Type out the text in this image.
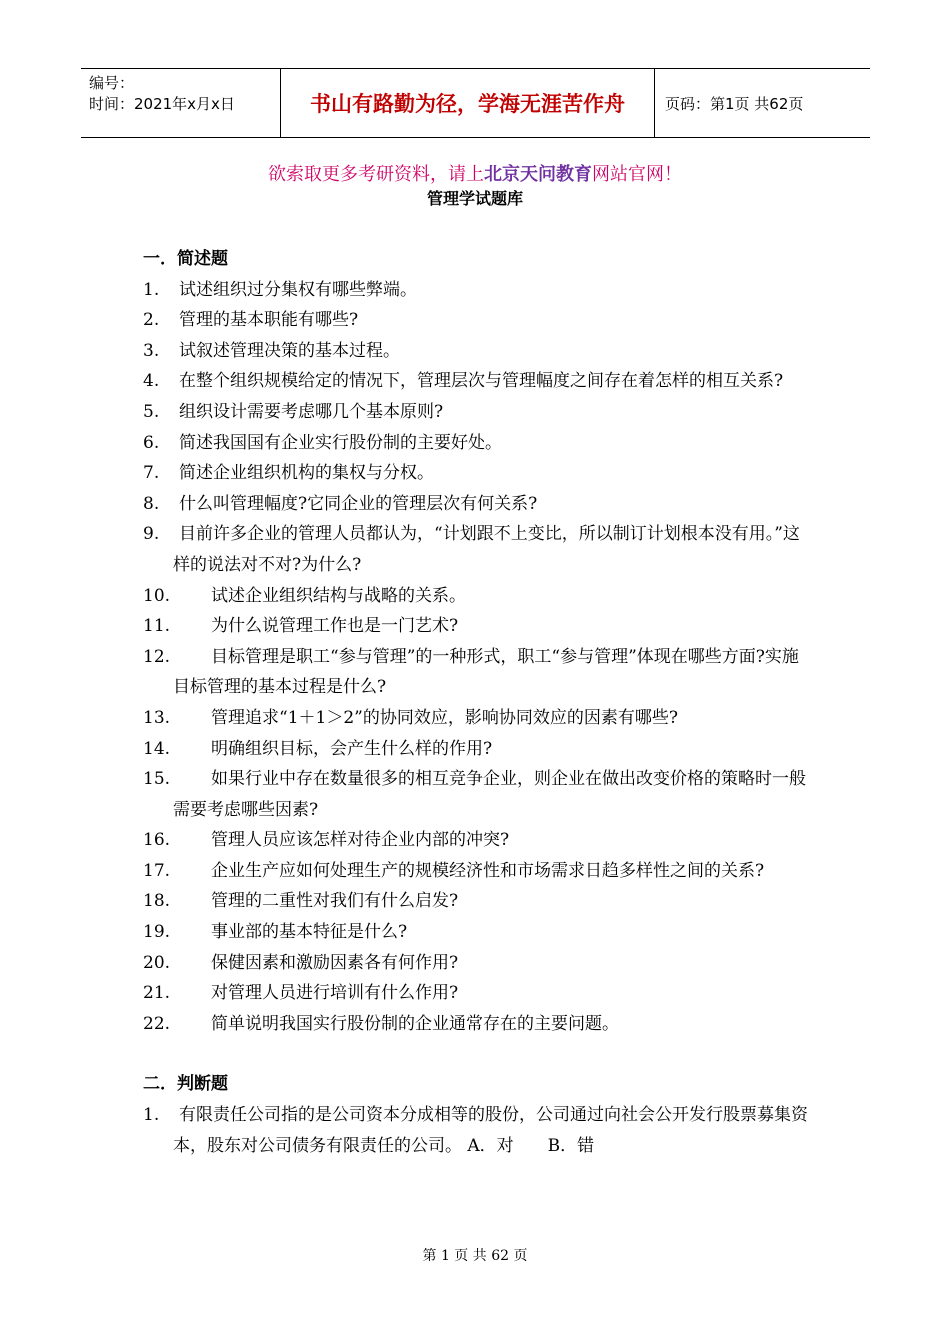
编号：
时间：2021年x月x日	书山有路勤为径，学海无涯苦作舟	页码：第1页 共62页
欲索取更多考研资料，请上北京天问教育网站官网！
管理学试题库

一．简述题

1. 试述组织过分集权有哪些弊端。

2. 管理的基本职能有哪些?

3. 试叙述管理决策的基本过程。

4. 在整个组织规模给定的情况下，管理层次与管理幅度之间存在着怎样的相互关系?

5. 组织设计需要考虑哪几个基本原则?

6. 简述我国国有企业实行股份制的主要好处。

7. 简述企业组织机构的集权与分权。

8. 什么叫管理幅度?它同企业的管理层次有何关系?

9. 目前许多企业的管理人员都认为，“计划跟不上变比，所以制订计划根本没有用。”这样的说法对不对?为什么?

10. 试述企业组织结构与战略的关系。

11. 为什么说管理工作也是一门艺术?

12. 目标管理是职工“参与管理”的一种形式，职工“参与管理”体现在哪些方面?实施目标管理的基本过程是什么?

13. 管理追求“1＋1＞2”的协同效应，影响协同效应的因素有哪些?

14. 明确组织目标，会产生什么样的作用?

15. 如果行业中存在数量很多的相互竞争企业，则企业在做出改变价格的策略时一般需要考虑哪些因素?

16. 管理人员应该怎样对待企业内部的冲突?

17. 企业生产应如何处理生产的规模经济性和市场需求日趋多样性之间的关系?

18. 管理的二重性对我们有什么启发?

19. 事业部的基本特征是什么?

20. 保健因素和激励因素各有何作用?

21. 对管理人员进行培训有什么作用?

22. 简单说明我国实行股份制的企业通常存在的主要问题。

二．判断题

1. 有限责任公司指的是公司资本分成相等的股份，公司通过向社会公开发行股票募集资本，股东对公司债务有限责任的公司。 A．对　　B．错

第 1 页 共 62 页
